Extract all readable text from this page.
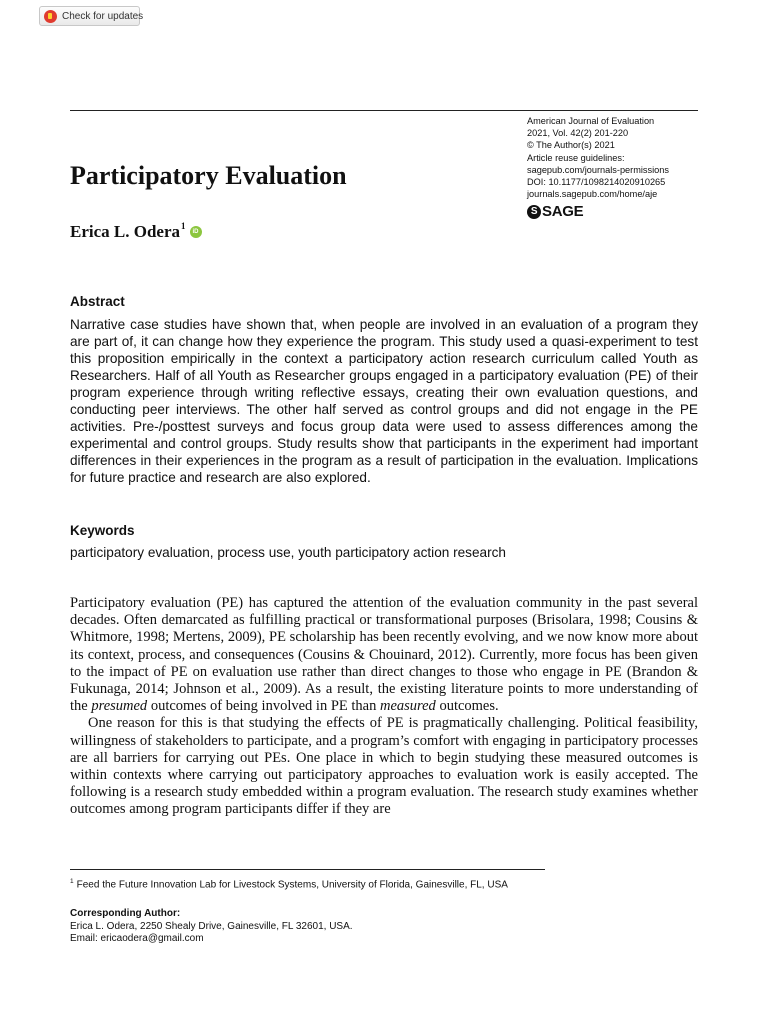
Check for updates
American Journal of Evaluation
2021, Vol. 42(2) 201-220
© The Author(s) 2021
Article reuse guidelines:
sagepub.com/journals-permissions
DOI: 10.1177/1098214020910265
journals.sagepub.com/home/aje
S SAGE
Participatory Evaluation
Erica L. Odera$^1$
iD
Abstract

Narrative case studies have shown that, when people are involved in an evaluation of a program they are part of, it can change how they experience the program. This study used a quasi-experiment to test this proposition empirically in the context a participatory action research curriculum called Youth as Researchers. Half of all Youth as Researcher groups engaged in a participatory evaluation (PE) of their program experience through writing reflective essays, creating their own evaluation questions, and conducting peer interviews. The other half served as control groups and did not engage in the PE activities. Pre-/posttest surveys and focus group data were used to assess differences among the experimental and control groups. Study results show that participants in the experiment had important differences in their experiences in the program as a result of participation in the evaluation. Implications for future practice and research are also explored.

Keywords

participatory evaluation, process use, youth participatory action research

Participatory evaluation (PE) has captured the attention of the evaluation community in the past several decades. Often demarcated as fulfilling practical or transformational purposes (Brisolara, 1998; Cousins & Whitmore, 1998; Mertens, 2009), PE scholarship has been recently evolving, and we now know more about its context, process, and consequences (Cousins & Chouinard, 2012). Currently, more focus has been given to the impact of PE on evaluation use rather than direct changes to those who engage in PE (Brandon & Fukunaga, 2014; Johnson et al., 2009). As a result, the existing literature points to more understanding of the presumed outcomes of being involved in PE than measured outcomes.

One reason for this is that studying the effects of PE is pragmatically challenging. Political feasibility, willingness of stakeholders to participate, and a program’s comfort with engaging in participatory processes are all barriers for carrying out PEs. One place in which to begin studying these measured outcomes is within contexts where carrying out participatory approaches to evaluation work is easily accepted. The following is a research study embedded within a program evaluation. The research study examines whether outcomes among program participants differ if they are

$^1$ Feed the Future Innovation Lab for Livestock Systems, University of Florida, Gainesville, FL, USA
Corresponding Author:
Erica L. Odera, 2250 Shealy Drive, Gainesville, FL 32601, USA.
Email: ericaodera@gmail.com
